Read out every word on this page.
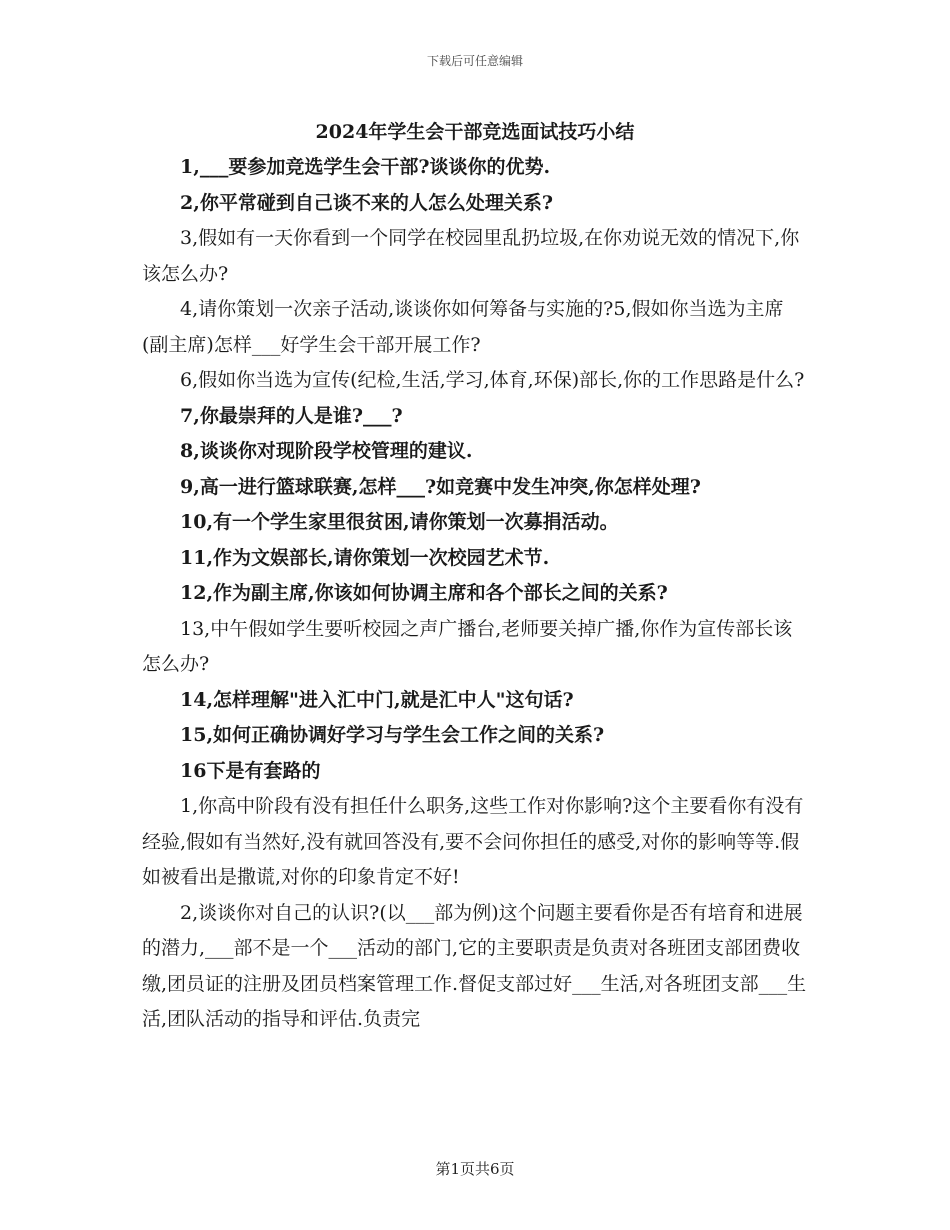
下载后可任意编辑
2024年学生会干部竞选面试技巧小结

1,___要参加竞选学生会干部?谈谈你的优势.

2,你平常碰到自己谈不来的人怎么处理关系?

3,假如有一天你看到一个同学在校园里乱扔垃圾,在你劝说无效的情况下,你该怎么办?

4,请你策划一次亲子活动,谈谈你如何筹备与实施的?5,假如你当选为主席(副主席)怎样___好学生会干部开展工作?

6,假如你当选为宣传(纪检,生活,学习,体育,环保)部长,你的工作思路是什么?

7,你最崇拜的人是谁?___?

8,谈谈你对现阶段学校管理的建议.

9,高一进行篮球联赛,怎样___?如竞赛中发生冲突,你怎样处理?

10,有一个学生家里很贫困,请你策划一次募捐活动。

11,作为文娱部长,请你策划一次校园艺术节.

12,作为副主席,你该如何协调主席和各个部长之间的关系?

13,中午假如学生要听校园之声广播台,老师要关掉广播,你作为宣传部长该怎么办?

14,怎样理解"进入汇中门,就是汇中人"这句话?

15,如何正确协调好学习与学生会工作之间的关系?

16下是有套路的

1,你高中阶段有没有担任什么职务,这些工作对你影响?这个主要看你有没有经验,假如有当然好,没有就回答没有,要不会问你担任的感受,对你的影响等等.假如被看出是撒谎,对你的印象肯定不好!

2,谈谈你对自己的认识?(以___部为例)这个问题主要看你是否有培育和进展的潜力,___部不是一个___活动的部门,它的主要职责是负责对各班团支部团费收缴,团员证的注册及团员档案管理工作.督促支部过好___生活,对各班团支部___生活,团队活动的指导和评估.负责完

第1页共6页
